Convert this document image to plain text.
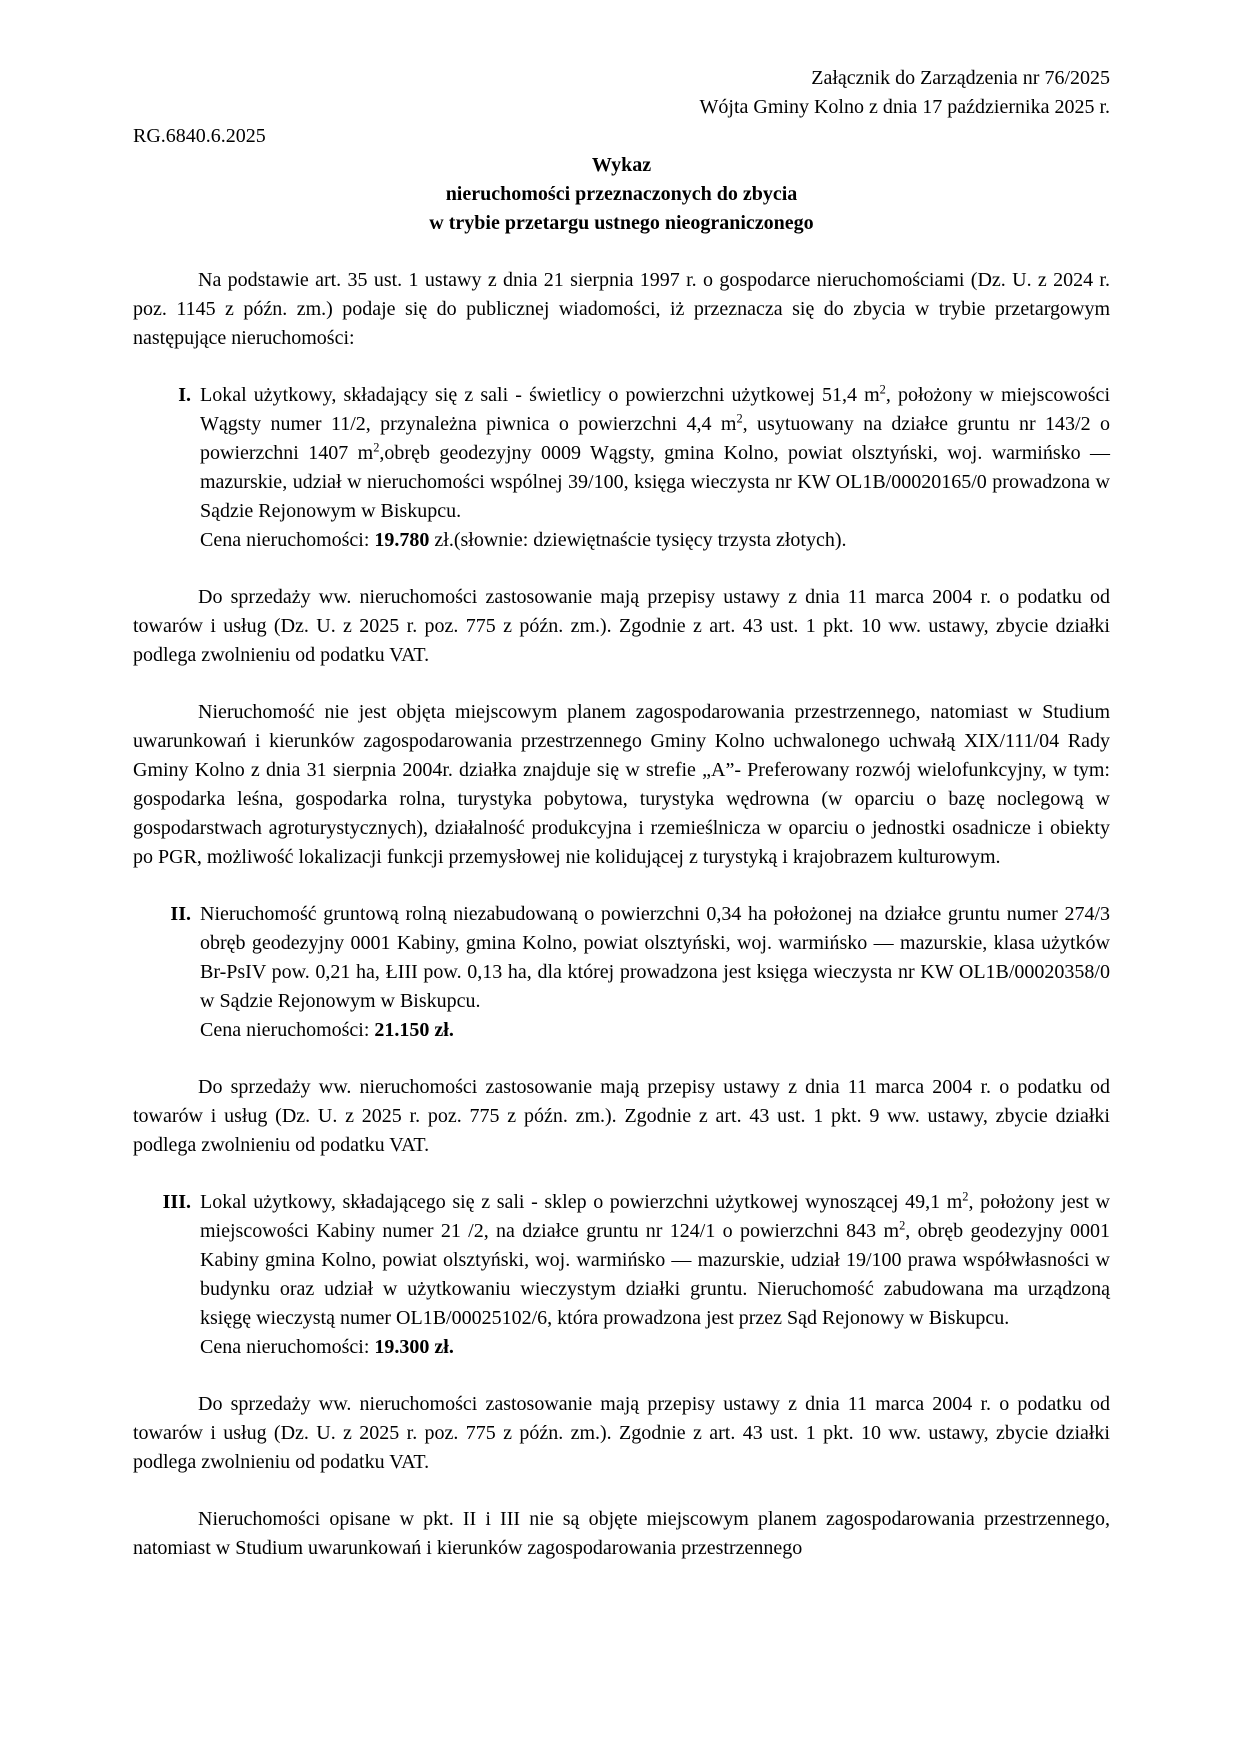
Załącznik do Zarządzenia nr 76/2025
Wójta Gminy Kolno z dnia 17 października 2025 r.
RG.6840.6.2025
Wykaz
nieruchomości przeznaczonych do zbycia
w trybie przetargu ustnego nieograniczonego

Na podstawie art. 35 ust. 1 ustawy z dnia 21 sierpnia 1997 r. o gospodarce nieruchomościami (Dz. U. z 2024 r. poz. 1145 z późn. zm.) podaje się do publicznej wiadomości, iż przeznacza się do zbycia w trybie przetargowym następujące nieruchomości:

I. Lokal użytkowy, składający się z sali - świetlicy o powierzchni użytkowej 51,4 $m^2$, położony w miejscowości Wągsty numer 11/2, przynależna piwnica o powierzchni 4,4 $m^2$, usytuowany na działce gruntu nr 143/2 o powierzchni 1407 $m^2,obręb$ geodezyjny 0009 Wągsty, gmina Kolno, powiat olsztyński, woj. warmińsko — mazurskie, udział w nieruchomości wspólnej 39/100, księga wieczysta nr KW OL1B/00020165/0 prowadzona w Sądzie Rejonowym w Biskupcu.
Cena nieruchomości: 19.780 zł.(słownie: dziewiętnaście tysięcy trzysta złotych).

Do sprzedaży ww. nieruchomości zastosowanie mają przepisy ustawy z dnia 11 marca 2004 r. o podatku od towarów i usług (Dz. U. z 2025 r. poz. 775 z późn. zm.). Zgodnie z art. 43 ust. 1 pkt. 10 ww. ustawy, zbycie działki podlega zwolnieniu od podatku VAT.

Nieruchomość nie jest objęta miejscowym planem zagospodarowania przestrzennego, natomiast w Studium uwarunkowań i kierunków zagospodarowania przestrzennego Gminy Kolno uchwalonego uchwałą XIX/111/04 Rady Gminy Kolno z dnia 31 sierpnia 2004r. działka znajduje się w strefie „A”- Preferowany rozwój wielofunkcyjny, w tym: gospodarka leśna, gospodarka rolna, turystyka pobytowa, turystyka wędrowna (w oparciu o bazę noclegową w gospodarstwach agroturystycznych), działalność produkcyjna i rzemieślnicza w oparciu o jednostki osadnicze i obiekty po PGR, możliwość lokalizacji funkcji przemysłowej nie kolidującej z turystyką i krajobrazem kulturowym.

II. Nieruchomość gruntową rolną niezabudowaną o powierzchni 0,34 ha położonej na działce gruntu numer 274/3 obręb geodezyjny 0001 Kabiny, gmina Kolno, powiat olsztyński, woj. warmińsko — mazurskie, klasa użytków Br-PsIV pow. 0,21 ha, ŁIII pow. 0,13 ha, dla której prowadzona jest księga wieczysta nr KW OL1B/00020358/0 w Sądzie Rejonowym w Biskupcu.
Cena nieruchomości: 21.150 zł.

Do sprzedaży ww. nieruchomości zastosowanie mają przepisy ustawy z dnia 11 marca 2004 r. o podatku od towarów i usług (Dz. U. z 2025 r. poz. 775 z późn. zm.). Zgodnie z art. 43 ust. 1 pkt. 9 ww. ustawy, zbycie działki podlega zwolnieniu od podatku VAT.

III. Lokal użytkowy, składającego się z sali - sklep o powierzchni użytkowej wynoszącej 49,1 $m^2$, położony jest w miejscowości Kabiny numer 21 /2, na działce gruntu nr 124/1 o powierzchni 843 $m^2$, obręb geodezyjny 0001 Kabiny gmina Kolno, powiat olsztyński, woj. warmińsko — mazurskie, udział 19/100 prawa współwłasności w budynku oraz udział w użytkowaniu wieczystym działki gruntu. Nieruchomość zabudowana ma urządzoną księgę wieczystą numer OL1B/00025102/6, która prowadzona jest przez Sąd Rejonowy w Biskupcu.
Cena nieruchomości: 19.300 zł.

Do sprzedaży ww. nieruchomości zastosowanie mają przepisy ustawy z dnia 11 marca 2004 r. o podatku od towarów i usług (Dz. U. z 2025 r. poz. 775 z późn. zm.). Zgodnie z art. 43 ust. 1 pkt. 10 ww. ustawy, zbycie działki podlega zwolnieniu od podatku VAT.

Nieruchomości opisane w pkt. II i III nie są objęte miejscowym planem zagospodarowania przestrzennego, natomiast w Studium uwarunkowań i kierunków zagospodarowania przestrzennego
